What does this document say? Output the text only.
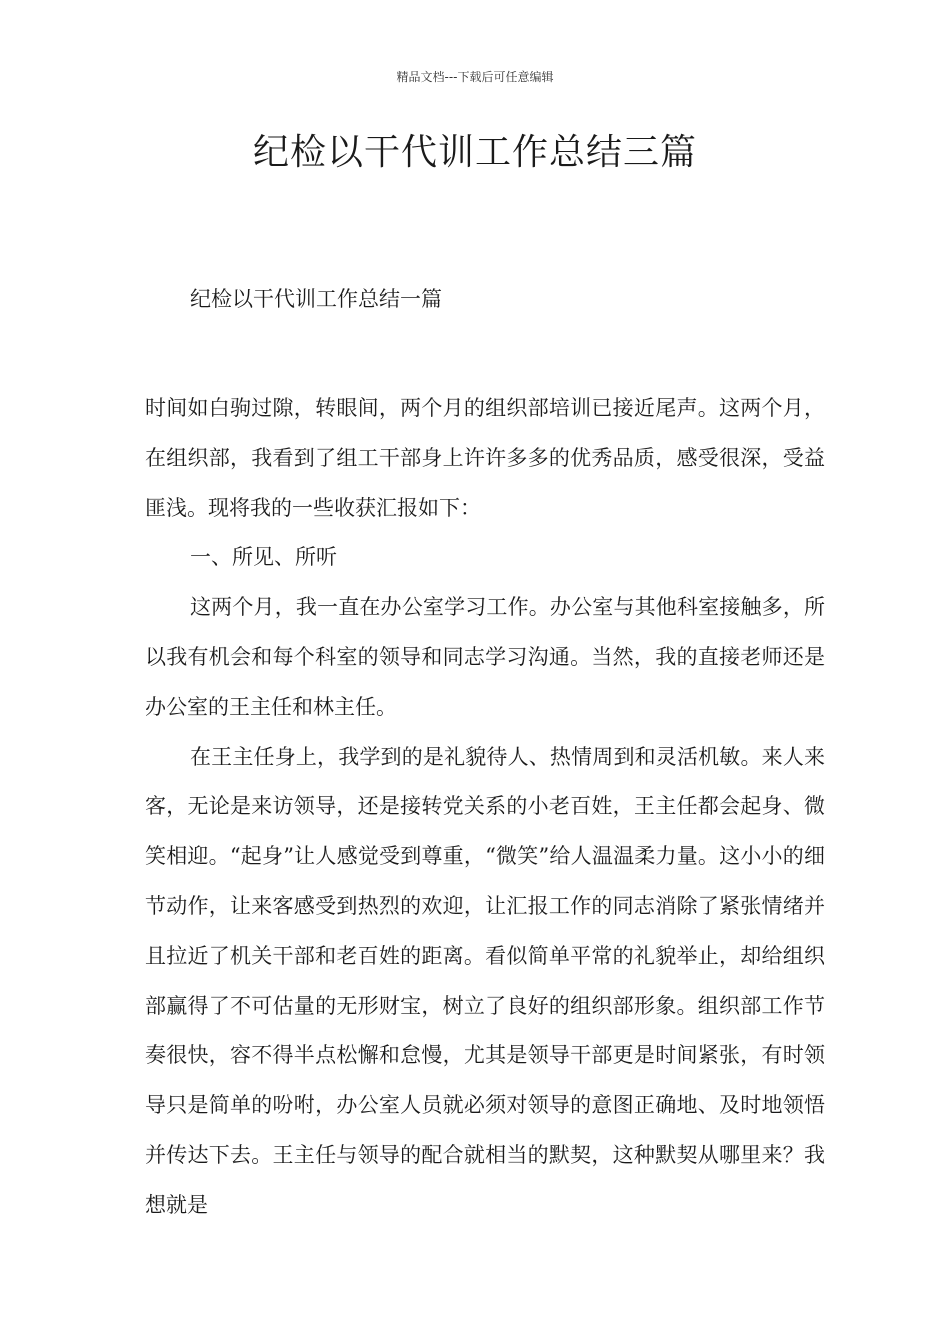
精品文档---下载后可任意编辑
纪检以干代训工作总结三篇
纪检以干代训工作总结一篇

时间如白驹过隙，转眼间，两个月的组织部培训已接近尾声。这两个月，在组织部，我看到了组工干部身上许许多多的优秀品质，感受很深，受益匪浅。现将我的一些收获汇报如下：

一、所见、所听

这两个月，我一直在办公室学习工作。办公室与其他科室接触多，所以我有机会和每个科室的领导和同志学习沟通。当然，我的直接老师还是办公室的王主任和林主任。

在王主任身上，我学到的是礼貌待人、热情周到和灵活机敏。来人来客，无论是来访领导，还是接转党关系的小老百姓，王主任都会起身、微笑相迎。“起身”让人感觉受到尊重，“微笑”给人温温柔力量。这小小的细节动作，让来客感受到热烈的欢迎，让汇报工作的同志消除了紧张情绪并且拉近了机关干部和老百姓的距离。看似简单平常的礼貌举止，却给组织部赢得了不可估量的无形财宝，树立了良好的组织部形象。组织部工作节奏很快，容不得半点松懈和怠慢，尤其是领导干部更是时间紧张，有时领导只是简单的吩咐，办公室人员就必须对领导的意图正确地、及时地领悟并传达下去。王主任与领导的配合就相当的默契，这种默契从哪里来？我想就是
